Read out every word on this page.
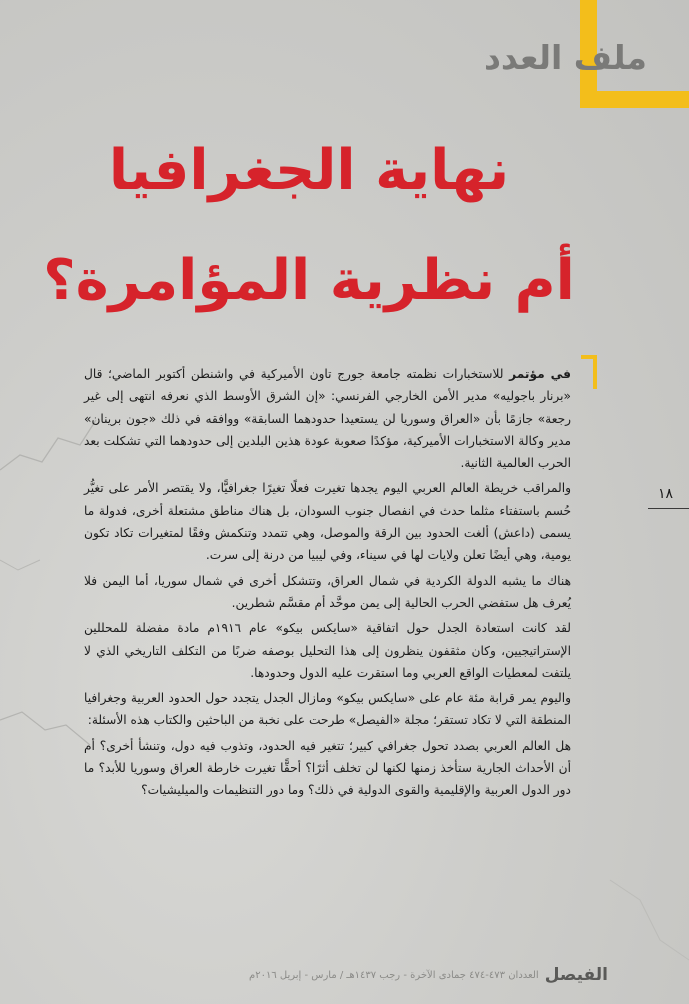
ملف العدد
نهاية الجغرافيا
أم نظرية المؤامرة؟

في مؤتمر للاستخبارات نظمته جامعة جورج تاون الأميركية في واشنطن أكتوبر الماضي؛ قال «برنار باجوليه» مدير الأمن الخارجي الفرنسي: «إن الشرق الأوسط الذي نعرفه انتهى إلى غير رجعة» جازمًا بأن «العراق وسوريا لن يستعيدا حدودهما السابقة» ووافقه في ذلك «جون برينان» مدير وكالة الاستخبارات الأميركية، مؤكدًا صعوبة عودة هذين البلدين إلى حدودهما التي تشكلت بعد الحرب العالمية الثانية.

والمراقب خريطة العالم العربي اليوم يجدها تغيرت فعلًا تغيرًا جغرافيًّا، ولا يقتصر الأمر على تغيُّر حُسم باستفتاء مثلما حدث في انفصال جنوب السودان، بل هناك مناطق مشتعلة أخرى، فدولة ما يسمى (داعش) ألغت الحدود بين الرقة والموصل، وهي تتمدد وتنكمش وفقًا لمتغيرات تكاد تكون يومية، وهي أيضًا تعلن ولايات لها في سيناء، وفي ليبيا من درنة إلى سرت.

هناك ما يشبه الدولة الكردية في شمال العراق، وتتشكل أخرى في شمال سوريا، أما اليمن فلا يُعرف هل ستفضي الحرب الحالية إلى يمن موحَّد أم مقسَّم شطرين.

لقد كانت استعادة الجدل حول اتفاقية «سايكس بيكو» عام ١٩١٦م مادة مفضلة للمحللين الإستراتيجيين، وكان مثقفون ينظرون إلى هذا التحليل بوصفه ضربًا من التكلف التاريخي الذي لا يلتفت لمعطيات الواقع العربي وما استقرت عليه الدول وحدودها.

واليوم يمر قرابة مئة عام على «سايكس بيكو» ومازال الجدل يتجدد حول الحدود العربية وجغرافيا المنطقة التي لا تكاد تستقر؛ مجلة «الفيصل» طرحت على نخبة من الباحثين والكتاب هذه الأسئلة:

هل العالم العربي بصدد تحول جغرافي كبير؛ تتغير فيه الحدود، وتذوب فيه دول، وتنشأ أخرى؟ أم أن الأحداث الجارية ستأخذ زمنها لكنها لن تخلف أثرًا؟ أحقًّا تغيرت خارطة العراق وسوريا للأبد؟ ما دور الدول العربية والإقليمية والقوى الدولية في ذلك؟ وما دور التنظيمات والميليشيات؟

١٨
الفيصل
العددان ٤٧٣-٤٧٤ جمادى الآخرة - رجب ١٤٣٧هـ / مارس - إبريل ٢٠١٦م
